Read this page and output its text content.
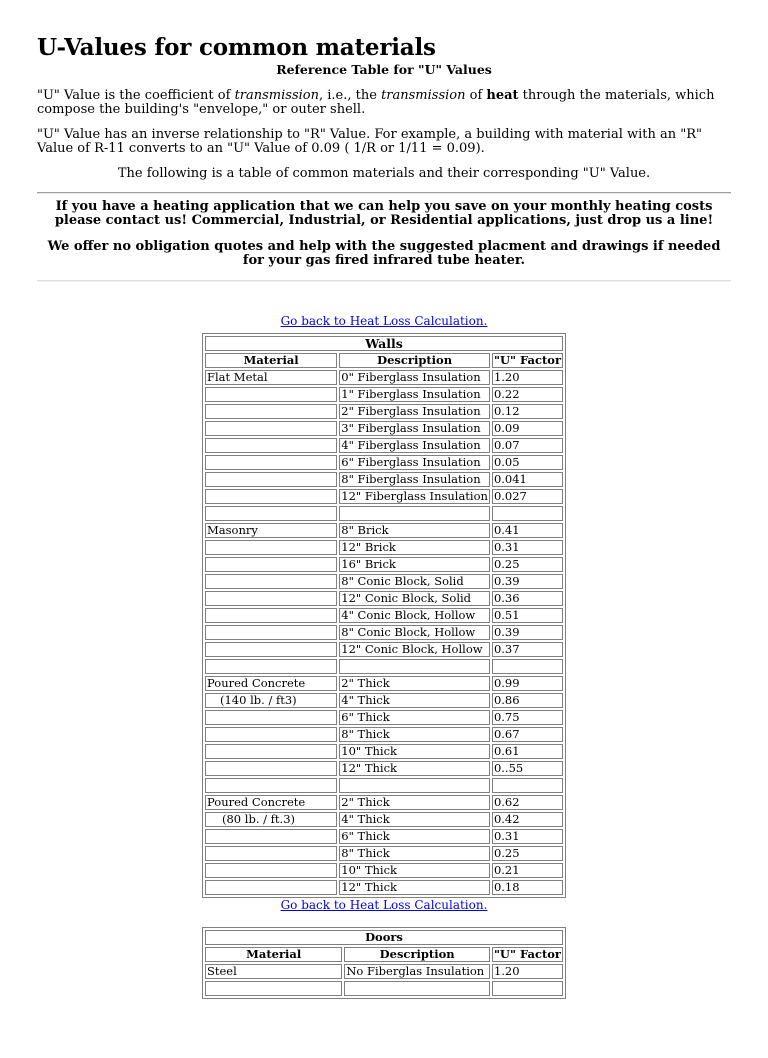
U-Values for common materials
Reference Table for "U" Values

"U" Value is the coefficient of transmission, i.e., the transmission of heat through the materials, which compose the building's "envelope," or outer shell.

"U" Value has an inverse relationship to "R" Value. For example, a building with material with an "R" Value of R-11 converts to an "U" Value of 0.09 ( 1/R or 1/11 = 0.09).

The following is a table of common materials and their corresponding "U" Value.

If you have a heating application that we can help you save on your monthly heating costs please contact us! Commercial, Industrial, or Residential applications, just drop us a line!
We offer no obligation quotes and help with the suggested placment and drawings if needed for your gas fired infrared tube heater.
Go back to Heat Loss Calculation.
Walls		
Material	Description	"U" Factor
Flat Metal	0" Fiberglass Insulation	1.20
	1" Fiberglass Insulation	0.22
	2" Fiberglass Insulation	0.12
	3" Fiberglass Insulation	0.09
	4" Fiberglass Insulation	0.07
	6" Fiberglass Insulation	0.05
	8" Fiberglass Insulation	0.041
	12" Fiberglass Insulation	0.027

Masonry	8" Brick	0.41
	12" Brick	0.31
	16" Brick	0.25
	8" Conic Block, Solid	0.39
	12" Conic Block, Solid	0.36
	4" Conic Block, Hollow	0.51
	8" Conic Block, Hollow	0.39
	12" Conic Block, Hollow	0.37

Poured Concrete	2" Thick	0.99
(140 lb. / ft3)	4" Thick	0.86
	6" Thick	0.75
	8" Thick	0.67
	10" Thick	0.61
	12" Thick	0..55

Poured Concrete	2" Thick	0.62
(80 lb. / ft.3)	4" Thick	0.42
	6" Thick	0.31
	8" Thick	0.25
	10" Thick	0.21
	12" Thick	0.18
Go back to Heat Loss Calculation.
Doors		
Material	Description	"U" Factor
Steel	No Fiberglas Insulation	1.20
